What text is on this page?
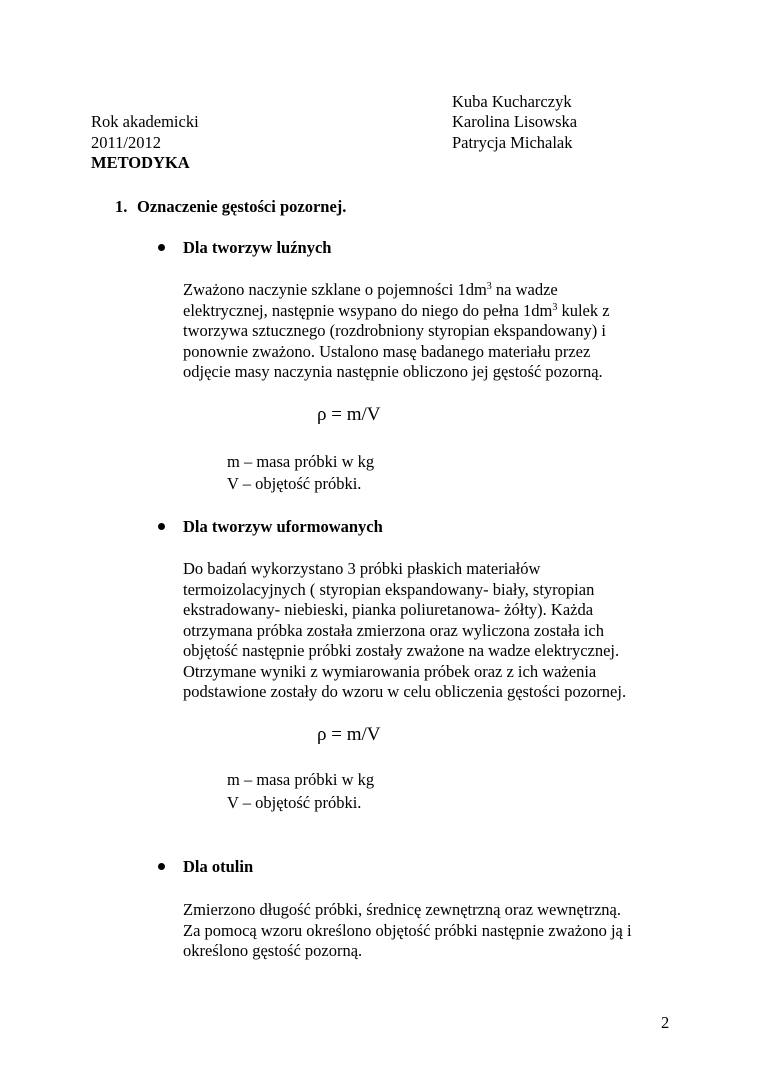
Kuba Kucharczyk
Karolina Lisowska
Patrycja Michalak
Rok akademicki
2011/2012
METODYKA
1. Oznaczenie gęstości pozornej.
Dla tworzyw luźnych
Zważono naczynie szklane o pojemności $1dm^3$ na wadze
elektrycznej, następnie wsypano do niego do pełna $1dm^3$ kulek z
tworzywa sztucznego (rozdrobniony styropian ekspandowany) i
ponownie zważono. Ustalono masę badanego materiału przez
odjęcie masy naczynia następnie obliczono jej gęstość pozorną.
ρ = m/V
m – masa próbki w kg
V – objętość próbki.
Dla tworzyw uformowanych
Do badań wykorzystano 3 próbki płaskich materiałów
termoizolacyjnych ( styropian ekspandowany- biały, styropian
ekstradowany- niebieski, pianka poliuretanowa- żółty). Każda
otrzymana próbka została zmierzona oraz wyliczona została ich
objętość następnie próbki zostały zważone na wadze elektrycznej.
Otrzymane wyniki z wymiarowania próbek oraz z ich ważenia
podstawione zostały do wzoru w celu obliczenia gęstości pozornej.
ρ = m/V
m – masa próbki w kg
V – objętość próbki.
Dla otulin
Zmierzono długość próbki, średnicę zewnętrzną oraz wewnętrzną.
Za pomocą wzoru określono objętość próbki następnie zważono ją i
określono gęstość pozorną.
2
